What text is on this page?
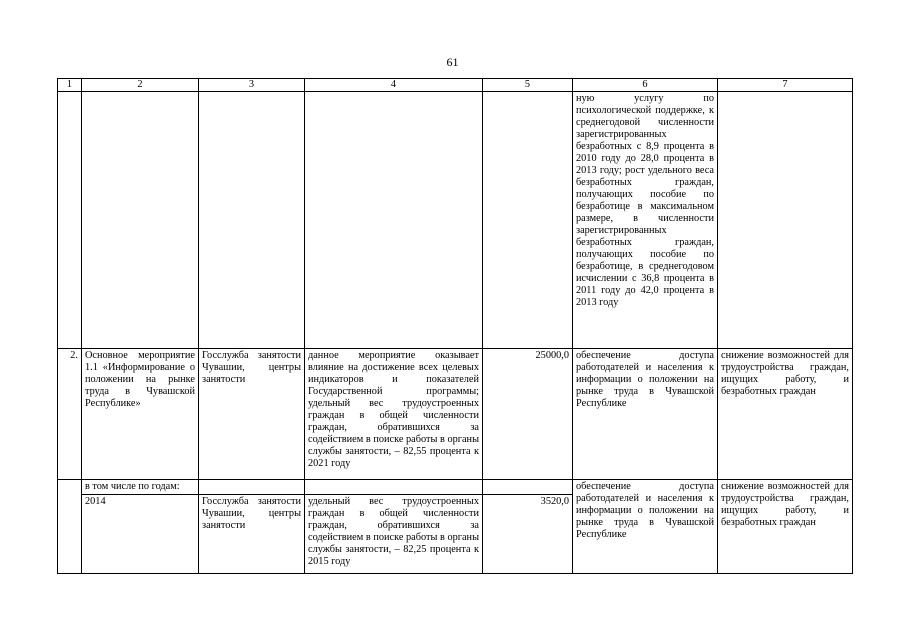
61
1	2	3	4	5	6	7
					ную услугу по психологической поддержке, к среднегодовой численности зарегистрированных безработных с 8,9 процента в 2010 году до 28,0 процента в 2013 году; рост удельного веса безработных граждан, получающих пособие по безработице в максимальном размере, в численности зарегистрированных безработных граждан, получающих пособие по безработице, в среднегодовом исчислении с 36,8 процента в 2011 году до 42,0 процента в 2013 году	
2.	Основное мероприятие 1.1 «Информирование о положении на рынке труда в Чувашской Республике»	Госслужба занятости Чувашии, центры занятости	данное мероприятие оказывает влияние на достижение всех целевых индикаторов и показателей Государственной программы; удельный вес трудоустроенных граждан в общей численности граждан, обратившихся за содействием в поиске работы в органы службы занятости, – 82,55 процента к 2021 году	25000,0	обеспечение доступа работодателей и населения к информации о положении на рынке труда в Чувашской Республике	снижение возможностей для трудоустройства граждан, ищущих работу, и безработных граждан
	в том числе по годам:				обеспечение доступа работодателей и населения к информации о положении на рынке труда в Чувашской Республике	снижение возможностей для трудоустройства граждан, ищущих работу, и безработных граждан
	2014	Госслужба занятости Чувашии, центры занятости	удельный вес трудоустроенных граждан в общей численности граждан, обратившихся за содействием в поиске работы в органы службы занятости, – 82,25 процента к 2015 году	3520,0		
